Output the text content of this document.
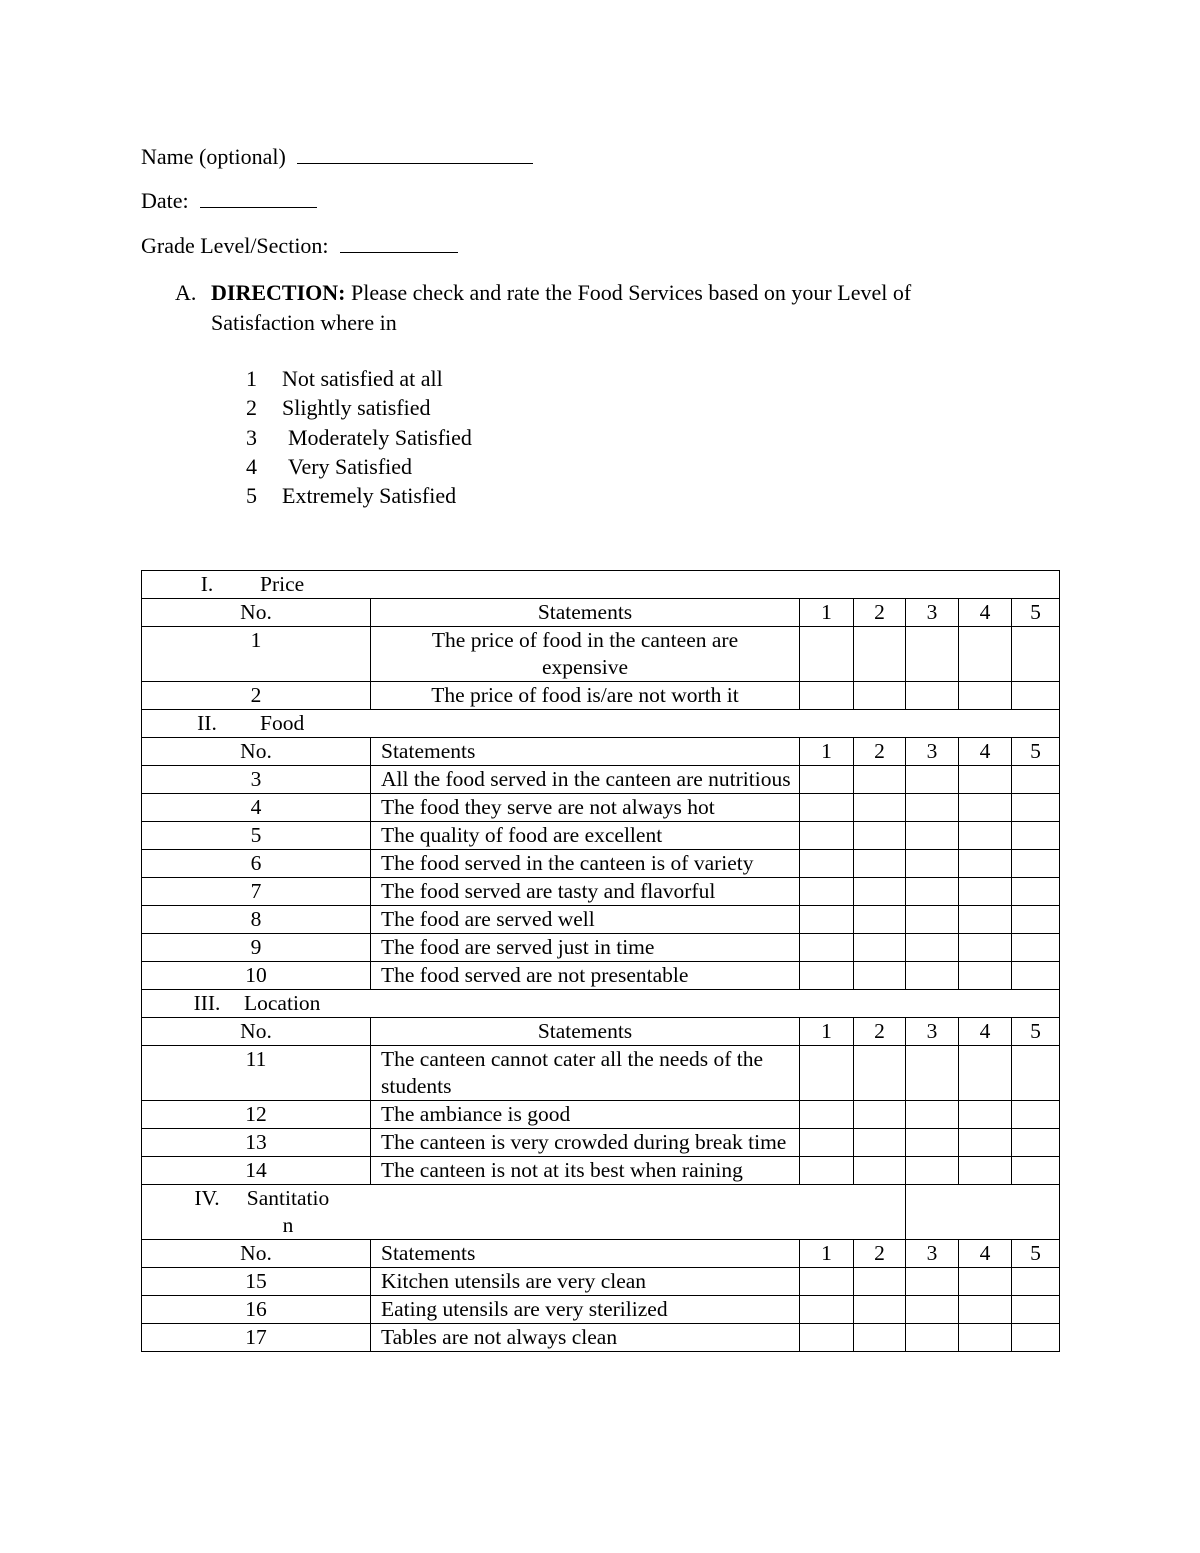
Name (optional)
Date:
Grade Level/Section:
A. DIRECTION: Please check and rate the Food Services based on your Level of Satisfaction where in
1 Not satisfied at all
2 Slightly satisfied
3 Moderately Satisfied
4 Very Satisfied
5 Extremely Satisfied
I. Price						

No.	Statements	1	2	3	4	5
1	The price of food in the canteen are expensive					
2	The price of food is/are not worth it					

II. Food						

No.	Statements	1	2	3	4	5
3	All the food served in the canteen are nutritious					
4	The food they serve are not always hot					
5	The quality of food are excellent					
6	The food served in the canteen is of variety					
7	The food served are tasty and flavorful					
8	The food are served well					
9	The food are served just in time					
10	The food served are not presentable					

III. Location						

No.	Statements	1	2	3	4	5
11	The canteen cannot cater all the needs of the students					
12	The ambiance is good					
13	The canteen is very crowded during break time					
14	The canteen is not at its best when raining					

IV. Santitation						

No.	Statements	1	2	3	4	5
15	Kitchen utensils are very clean					
16	Eating utensils are very sterilized					
17	Tables are not always clean					
